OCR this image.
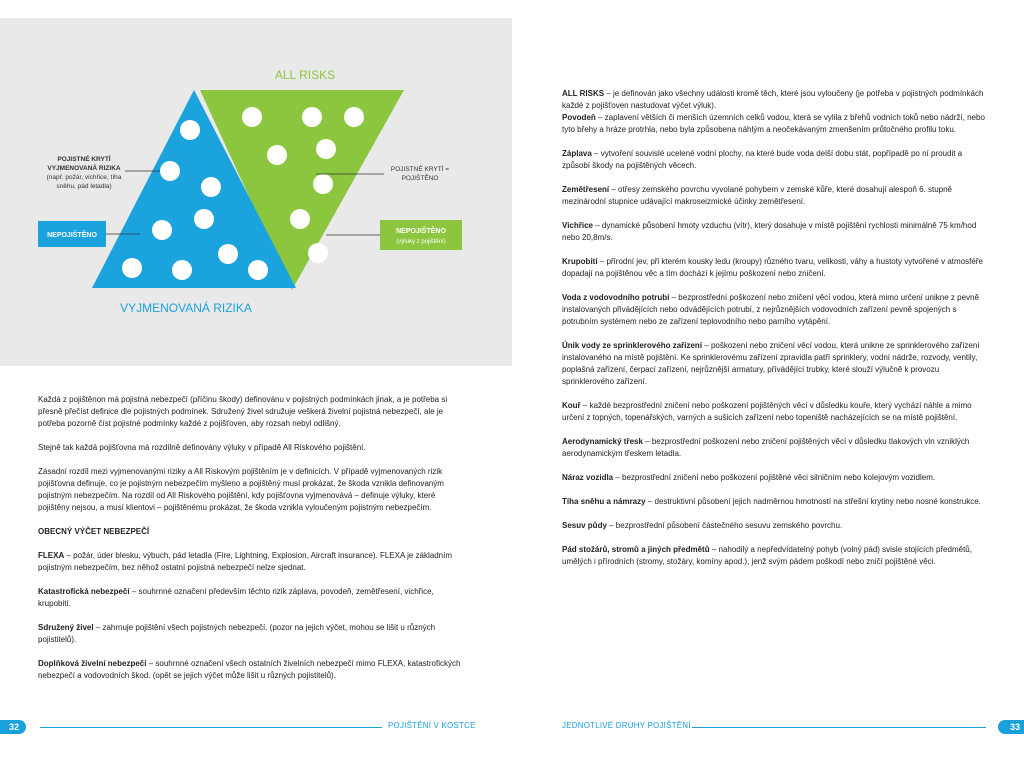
ALL RISKS
VYJMENOVANÁ RIZIKA
POJISTNÉ KRYTÍ
VYJMENOVANÁ RIZIKA
(např. požár, vichřice, tíha
sněhu, pád letadla)
NEPOJIŠTĚNO
POJISTNÉ KRYTÍ =
POJIŠTĚNO
NEPOJIŠTĚNO
(výluky z pojištění)

Každá z pojištěnon má pojistná nebezpečí (příčinu škody) definovánu v pojistných podmínkách jinak, a je potřeba si přesně přečíst definice dle pojistných podmínek. Sdružený živel sdružuje veškerá živelní pojistná nebezpečí, ale je potřeba pozorně číst pojistné podmínky každé z pojišťoven, aby rozsah nebyl odlišný.

Stejně tak každá pojišťovna má rozdílně definovány výluky v případě All Riskového pojištění.

Zásadní rozdíl mezi vyjmenovanými riziky a All Riskovým pojištěním je v definicích. V případě vyjmenovaných rizik pojišťovna definuje, co je pojistným nebezpečím myšleno a pojištěný musí prokázat, že škoda vznikla definovaným pojistným nebezpečím. Na rozdíl od All Riskového pojištění, kdy pojišťovna vyjmenovává – definuje výluky, které pojištěny nejsou, a musí klientovi – pojištěnému prokázat, že škoda vznikla vyloučeným pojistným nebezpečím.

OBECNÝ VÝČET NEBEZPEČÍ

FLEXA – požár, úder blesku, výbuch, pád letadla (Fire, Lightning, Explosion, Aircraft insurance). FLEXA je základním pojistným nebezpečím, bez něhož ostatní pojistná nebezpečí nelze sjednat.

Katastrofická nebezpečí – souhrnné označení především těchto rizik záplava, povodeň, zemětřesení, vichřice, krupobití.

Sdružený živel – zahrnuje pojištění všech pojistných nebezpečí. (pozor na jejich výčet, mohou se lišit u různých pojistitelů).

Doplňková živelní nebezpečí – souhrnné označení všech ostatních živelních nebezpečí mimo FLEXA, katastrofických nebezpečí a vodovodních škod. (opět se jejich výčet může lišit u různých pojistitelů).

ALL RISKS – je definován jako všechny události kromě těch, které jsou vyloučeny (je potřeba v pojistných podmínkách každé z pojišťoven nastudovat výčet výluk).

Povodeň – zaplavení větších či menších územních celků vodou, která se vylila z břehů vodních toků nebo nádrží, nebo tyto břehy a hráze protrhla, nebo byla způsobena náhlým a neočekávaným zmenšením průtočného profilu toku.

Záplava – vytvoření souvislé ucelené vodní plochy, na které bude voda delší dobu stát, popřípadě po ní proudit a způsobí škody na pojištěných věcech.

Zemětřesení – otřesy zemského povrchu vyvolané pohybem v zemské kůře, které dosahují alespoň 6. stupně mezinárodní stupnice udávající makroseizmické účinky zemětřesení.

Vichřice – dynamické působení hmoty vzduchu (vítr), který dosahuje v místě pojištění rychlosti minimálně 75 km/hod nebo 20,8m/s.

Krupobití – přírodní jev, při kterém kousky ledu (kroupy) různého tvaru, velikosti, váhy a hustoty vytvořené v atmosféře dopadají na pojištěnou věc a tím dochází k jejímu poškození nebo zničení.

Voda z vodovodního potrubí – bezprostřední poškození nebo zničení věcí vodou, která mimo určení unikne z pevně instalovaných přivádějících nebo odvádějících potrubí, z nejrůznějších vodovodních zařízení pevně spojených s potrubním systémem nebo ze zařízení teplovodního nebo parního vytápění.

Únik vody ze sprinklerového zařízení – poškození nebo zničení věcí vodou, která unikne ze sprinklerového zařízení instalovaného na místě pojištění. Ke sprinklerovému zařízení zpravidla patří sprinklery, vodní nádrže, rozvody, ventily, poplašná zařízení, čerpací zařízení, nejrůznější armatury, přívádějící trubky, které slouží výlučně k provozu sprinklerového zařízení.

Kouř – každé bezprostřední zničení nebo poškození pojištěných věcí v důsledku kouře, který vychází náhle a mimo určení z topných, topenářských, varných a sušicích zařízení nebo topeniště nacházejících se na místě pojištění.

Aerodynamický třesk – bezprostřední poškození nebo zničení pojištěných věcí v důsledku tlakových vln vzniklých aerodynamickým třeskem letadla.

Náraz vozidla – bezprostřední zničení nebo poškození pojištěné věci silničním nebo kolejovým vozidlem.

Tíha sněhu a námrazy – destruktivní působení jejich nadměrnou hmotností na střešní krytiny nebo nosné konstrukce.

Sesuv půdy – bezprostřední působení částečného sesuvu zemského povrchu.

Pád stožárů, stromů a jiných předmětů – nahodilý a nepředvídatelný pohyb (volný pád) svisle stojících předmětů, umělých i přírodních (stromy, stožáry, komíny apod.), jenž svým pádem poškodí nebo zničí pojištěné věci.

32	POJIŠTĚNÍ V KOSTCE	JEDNOTLIVÉ DRUHY POJIŠTĚNÍ	33
